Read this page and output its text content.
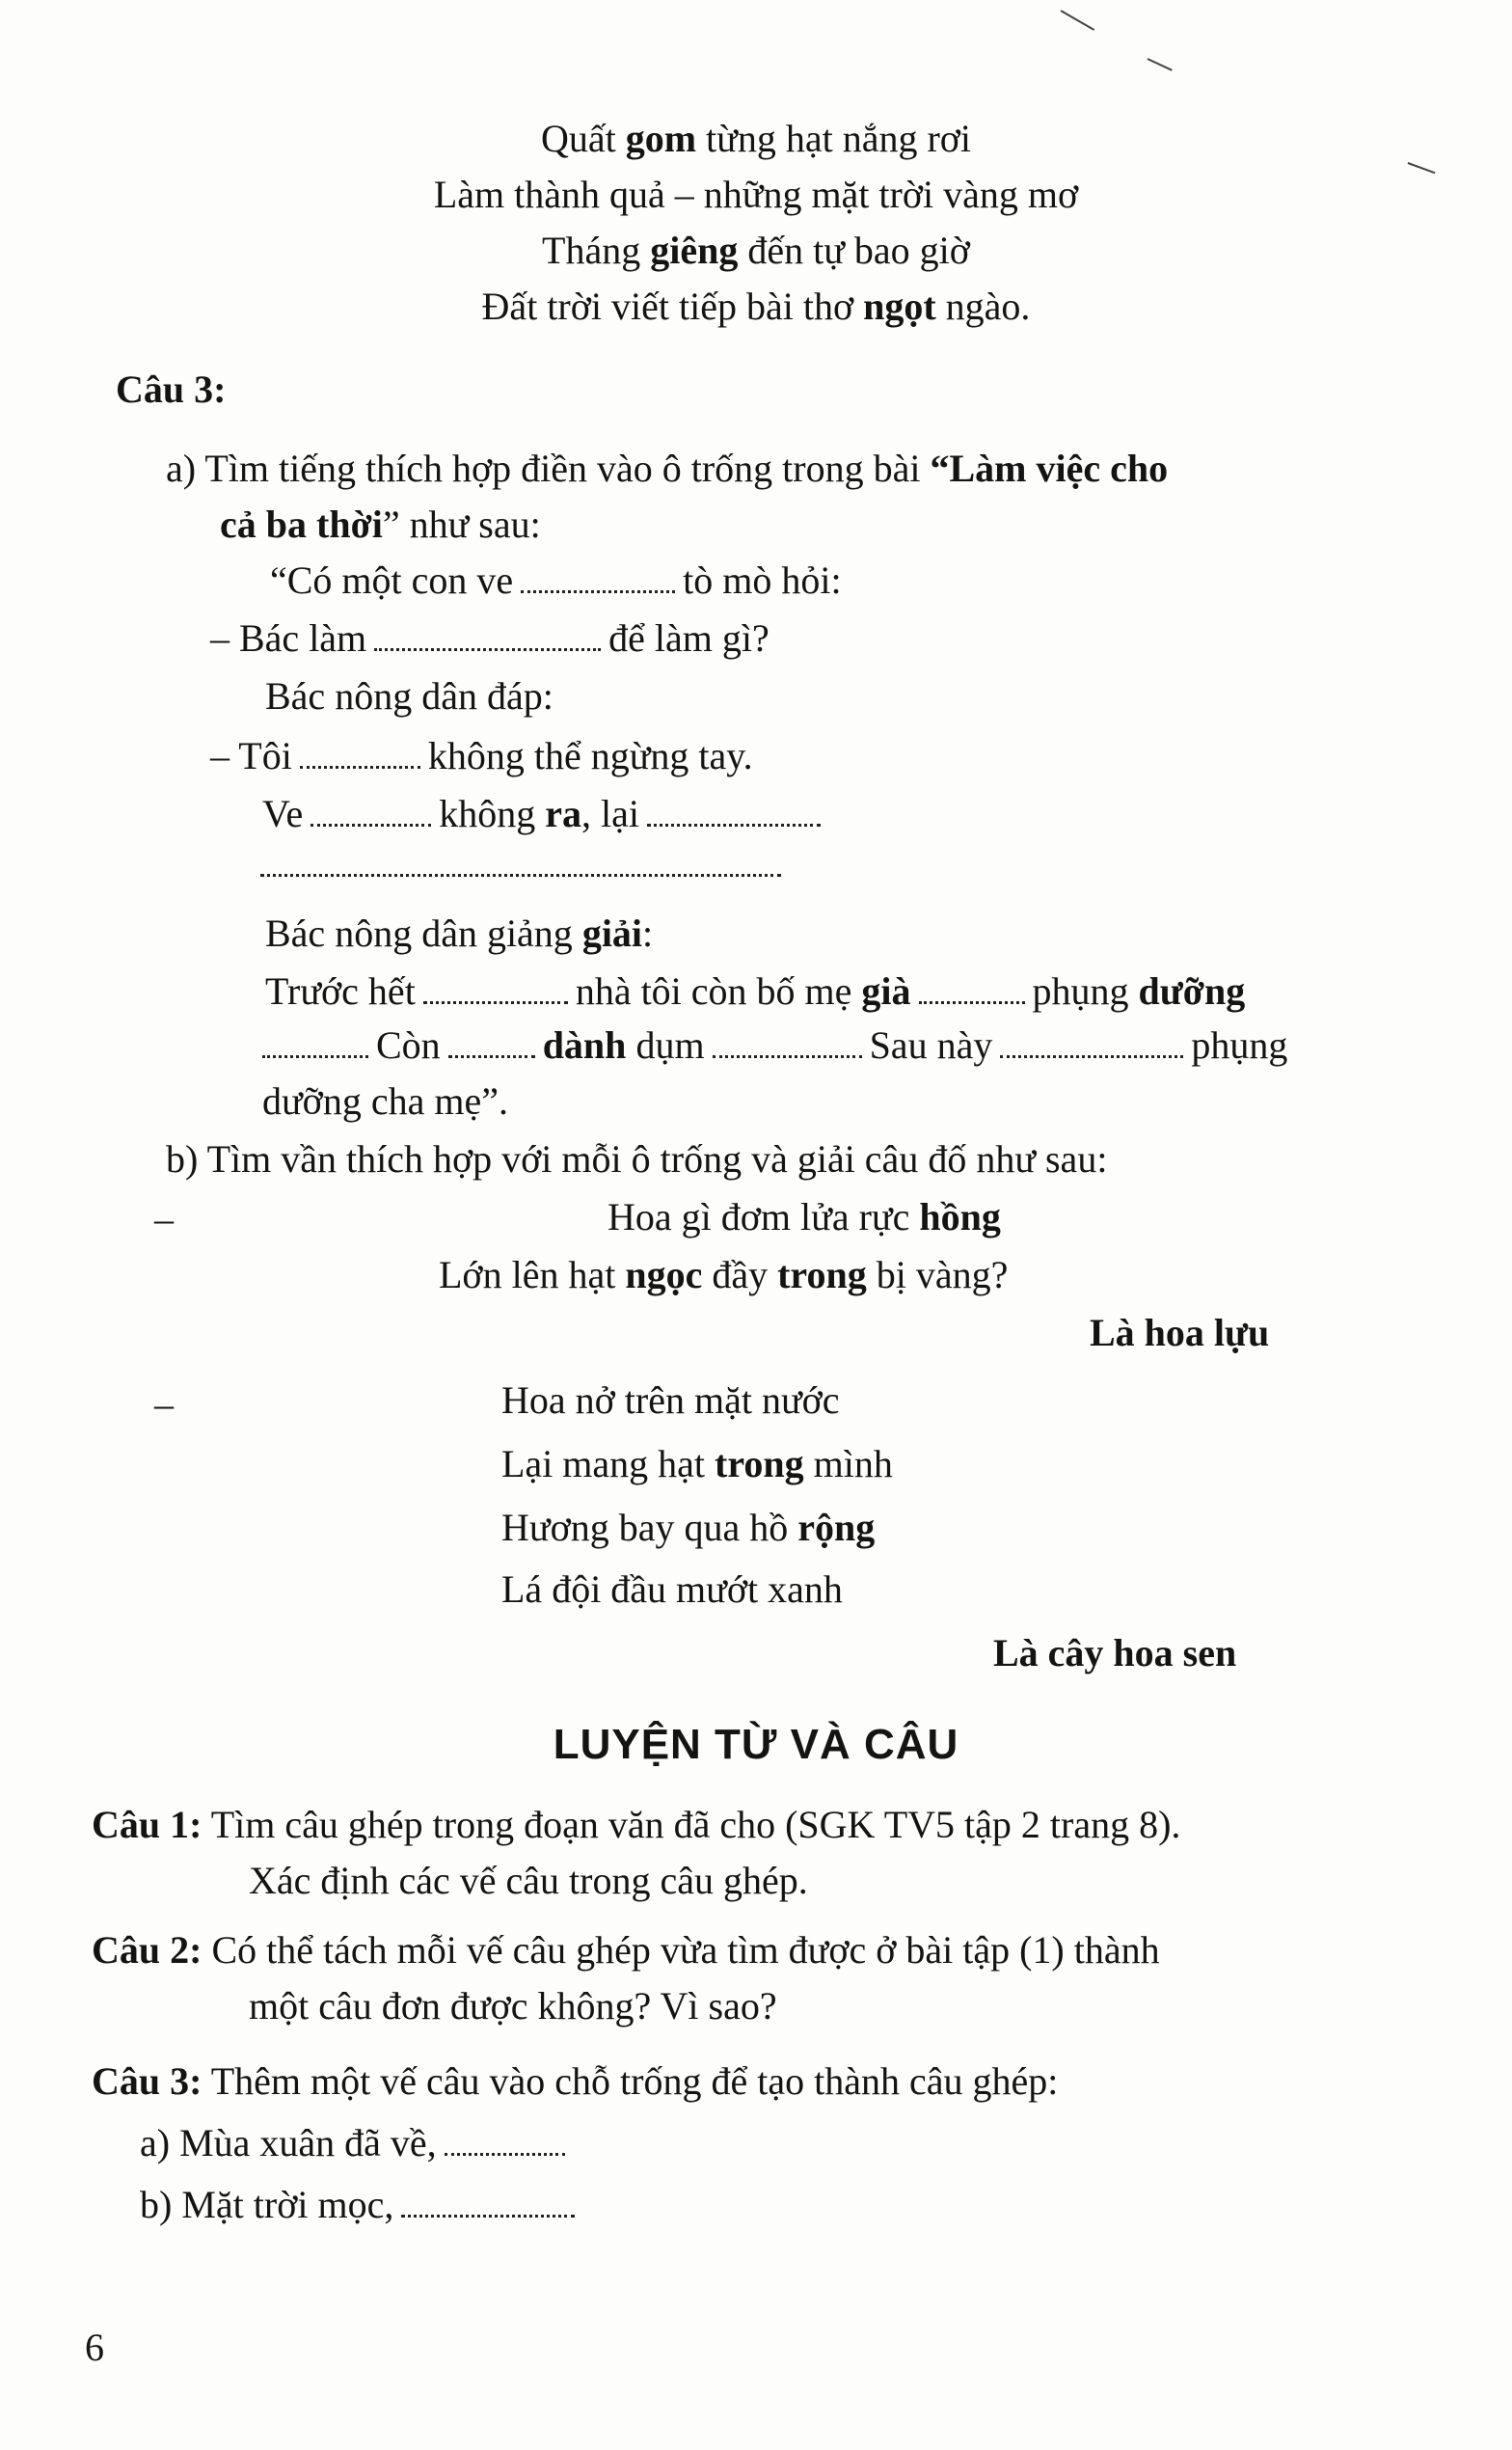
Quất gom từng hạt nắng rơi
Làm thành quả – những mặt trời vàng mơ
Tháng giêng đến tự bao giờ
Đất trời viết tiếp bài thơ ngọt ngào.
Câu 3:
a) Tìm tiếng thích hợp điền vào ô trống trong bài “Làm việc cho
cả ba thời” như sau:
“Có một con ve	tò mò hỏi:
– Bác làm	để làm gì?
Bác nông dân đáp:
– Tôi	không thể ngừng tay.
Ve	không ra, lại
Bác nông dân giảng giải:
Trước hết	nhà tôi còn bố mẹ già	phụng dưỡng
Còn	dành dụm	Sau này	phụng
dưỡng cha mẹ”.
b) Tìm vần thích hợp với mỗi ô trống và giải câu đố như sau:
–	Hoa gì đơm lửa rực hồng
Lớn lên hạt ngọc đầy trong bị vàng?
Là hoa lựu
–	Hoa nở trên mặt nước
Lại mang hạt trong mình
Hương bay qua hồ rộng
Lá đội đầu mướt xanh
Là cây hoa sen
LUYỆN TỪ VÀ CÂU
Câu 1: Tìm câu ghép trong đoạn văn đã cho (SGK TV5 tập 2 trang 8).
Xác định các vế câu trong câu ghép.
Câu 2: Có thể tách mỗi vế câu ghép vừa tìm được ở bài tập (1) thành
một câu đơn được không? Vì sao?
Câu 3: Thêm một vế câu vào chỗ trống để tạo thành câu ghép:
a) Mùa xuân đã về,
b) Mặt trời mọc,
6
